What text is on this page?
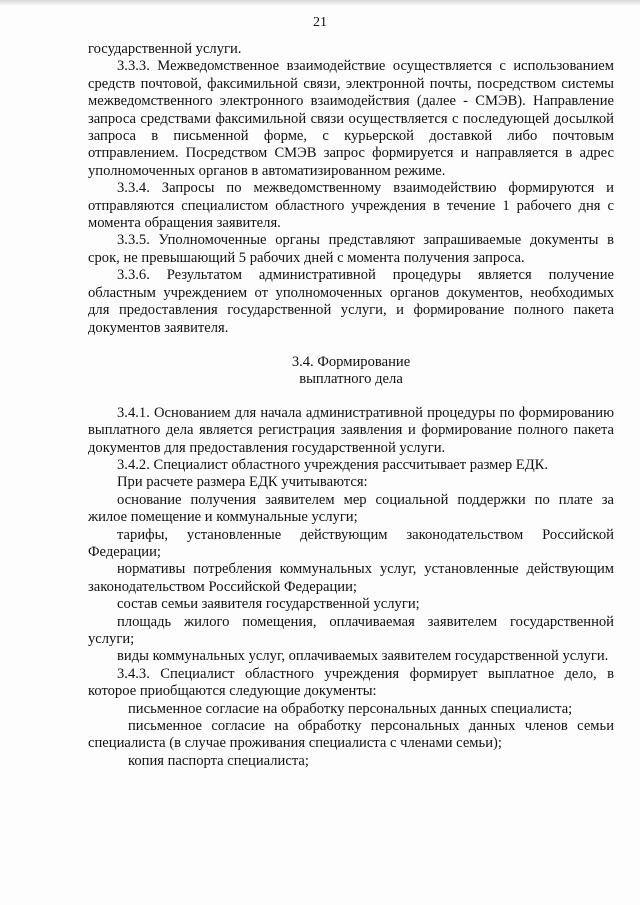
21

государственной услуги.

3.3.3. Межведомственное взаимодействие осуществляется с использованием средств почтовой, факсимильной связи, электронной почты, посредством системы межведомственного электронного взаимодействия (далее - СМЭВ). Направление запроса средствами факсимильной связи осуществляется с последующей досылкой запроса в письменной форме, с курьерской доставкой либо почтовым отправлением. Посредством СМЭВ запрос формируется и направляется в адрес уполномоченных органов в автоматизированном режиме.

3.3.4. Запросы по межведомственному взаимодействию формируются и отправляются специалистом областного учреждения в течение 1 рабочего дня с момента обращения заявителя.

3.3.5. Уполномоченные органы представляют запрашиваемые документы в срок, не превышающий 5 рабочих дней с момента получения запроса.

3.3.6. Результатом административной процедуры является получение областным учреждением от уполномоченных органов документов, необходимых для предоставления государственной услуги, и формирование полного пакета документов заявителя.

3.4. Формирование

выплатного дела

3.4.1. Основанием для начала административной процедуры по формированию выплатного дела является регистрация заявления и формирование полного пакета документов для предоставления государственной услуги.

3.4.2. Специалист областного учреждения рассчитывает размер ЕДК.

При расчете размера ЕДК учитываются:

основание получения заявителем мер социальной поддержки по плате за жилое помещение и коммунальные услуги;

тарифы, установленные действующим законодательством Российской Федерации;

нормативы потребления коммунальных услуг, установленные действующим законодательством Российской Федерации;

состав семьи заявителя государственной услуги;

площадь жилого помещения, оплачиваемая заявителем государственной услуги;

виды коммунальных услуг, оплачиваемых заявителем государственной услуги.

3.4.3. Специалист областного учреждения формирует выплатное дело, в которое приобщаются следующие документы:

письменное согласие на обработку персональных данных специалиста;

письменное согласие на обработку персональных данных членов семьи специалиста (в случае проживания специалиста с членами семьи);

копия паспорта специалиста;
